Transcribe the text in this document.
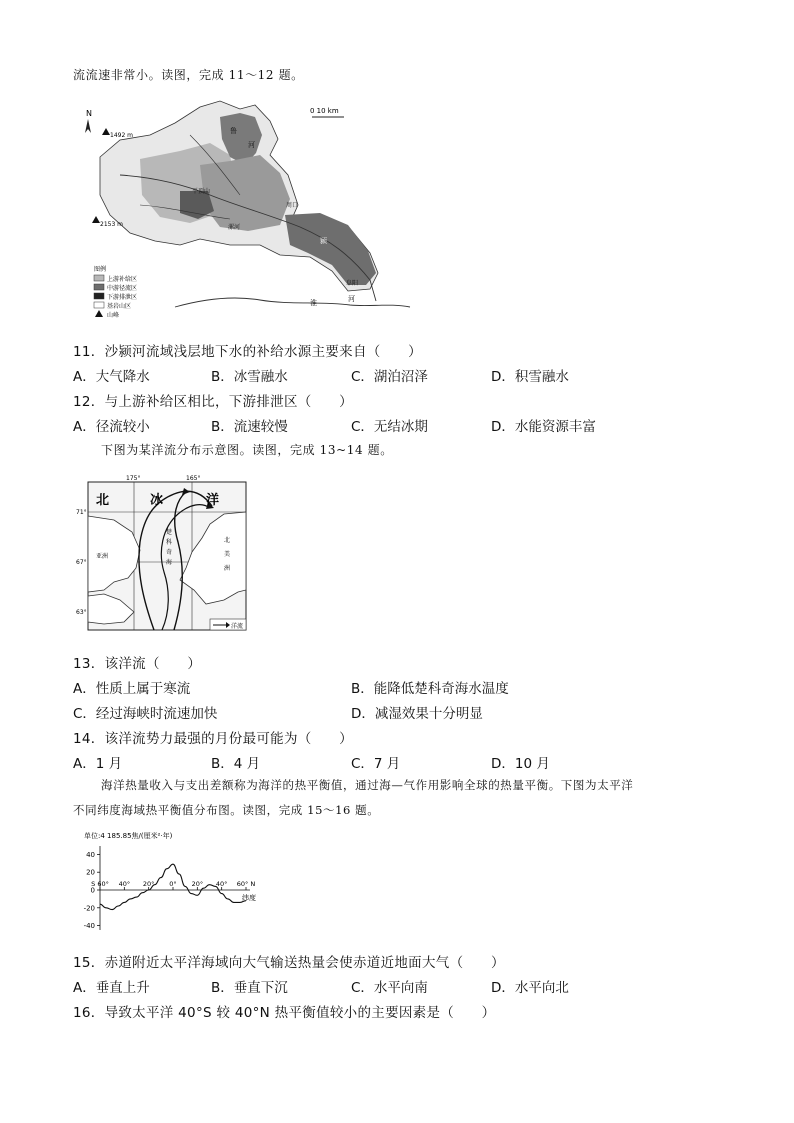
流流速非常小。读图，完成 11～12 题。
N	0 10 km
1492 m
2153 m
鲁
河
平顶山
漯河
周口
颍
阜阳
淮	河
图例
上游补给区
中游径流区
下游排泄区
基岩山区
山峰
11．沙颍河流域浅层地下水的补给水源主要来自（　　）
A．大气降水	B．冰雪融水	C．湖泊沼泽	D．积雪融水
12．与上游补给区相比，下游排泄区（　　）
A．径流较小	B．流速较慢	C．无结冰期	D．水能资源丰富
下图为某洋流分布示意图。读图，完成 13~14 题。
175°	165°
71°
67°
63°
北	冰	洋
亚洲
楚
科
奇
海
北
美
洲
洋流
13．该洋流（　　）
A．性质上属于寒流	B．能降低楚科奇海水温度
C．经过海峡时流速加快	D．减湿效果十分明显
14．该洋流势力最强的月份最可能为（　　）
A．1 月	B．4 月	C．7 月	D．10 月
海洋热量收入与支出差额称为海洋的热平衡值，通过海—气作用影响全球的热量平衡。下图为太平洋
不同纬度海域热平衡值分布图。读图，完成 15～16 题。
单位:4 185.85焦/(厘米²·年)
40
20
0
-20
-40
S 60° 40° 20° 0° 20° 40° 60° N
纬度
15．赤道附近太平洋海域向大气输送热量会使赤道近地面大气（　　）
A．垂直上升	B．垂直下沉	C．水平向南	D．水平向北
16．导致太平洋 40°S 较 40°N 热平衡值较小的主要因素是（　　）
